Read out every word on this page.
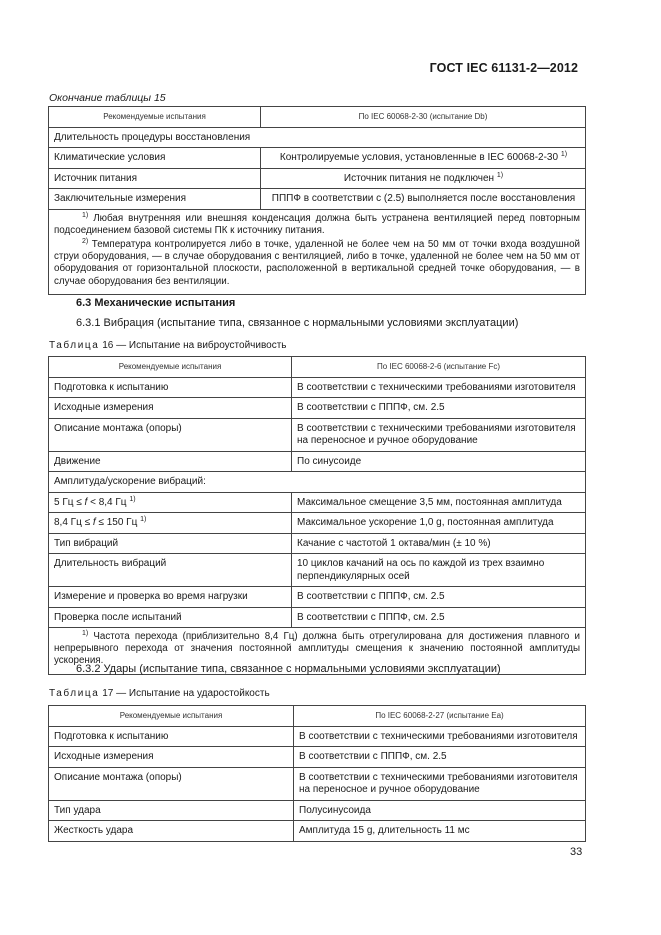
ГОСТ IEC 61131-2—2012
Окончание таблицы 15
Рекомендуемые испытания	По IEC 60068-2-30 (испытание Db)
Длительность процедуры восстановления	
Климатические условия	Контролируемые условия, установленные в IEC 60068-2-30 $^{1)}$
Источник питания	Источник питания не подключен $^{1)}$
Заключительные измерения	ПППФ в соответствии с (2.5) выполняется после восстановления

$^{1)}$ Любая внутренняя или внешняя конденсация должна быть устранена вентиляцией перед повторным подсоединением базовой системы ПК к источнику питания.

$^{2)}$ Температура контролируется либо в точке, удаленной не более чем на 50 мм от точки входа воздушной струи оборудования, — в случае оборудования с вентиляцией, либо в точке, удаленной не более чем на 50 мм от оборудования от горизонтальной плоскости, расположенной в вертикальной средней точке оборудования, — в случае оборудования без вентиляции.	

6.3 Механические испытания
6.3.1 Вибрация (испытание типа, связанное с нормальными условиями эксплуатации)
Таблица 16 — Испытание на виброустойчивость
Рекомендуемые испытания	По IEC 60068-2-6 (испытание Fc)
Подготовка к испытанию	В соответствии с техническими требованиями изготовителя
Исходные измерения	В соответствии с ПППФ, см. 2.5
Описание монтажа (опоры)	В соответствии с техническими требованиями изготовителя на переносное и ручное оборудование
Движение	По синусоиде
Амплитуда/ускорение вибраций:	
5 Гц ≤ f < 8,4 Гц $^{1)}$	Максимальное смещение 3,5 мм, постоянная амплитуда
8,4 Гц ≤ f ≤ 150 Гц $^{1)}$	Максимальное ускорение 1,0 g, постоянная амплитуда
Тип вибраций	Качание с частотой 1 октава/мин (± 10 %)
Длительность вибраций	10 циклов качаний на ось по каждой из трех взаимно перпендикулярных осей
Измерение и проверка во время нагрузки	В соответствии с ПППФ, см. 2.5
Проверка после испытаний	В соответствии с ПППФ, см. 2.5

$^{1)}$ Частота перехода (приблизительно 8,4 Гц) должна быть отрегулирована для достижения плавного и непрерывного перехода от значения постоянной амплитуды смещения к значению постоянной амплитуды ускорения.	

6.3.2 Удары (испытание типа, связанное с нормальными условиями эксплуатации)
Таблица 17 — Испытание на ударостойкость
Рекомендуемые испытания	По IEC 60068-2-27 (испытание Ea)
Подготовка к испытанию	В соответствии с техническими требованиями изготовителя
Исходные измерения	В соответствии с ПППФ, см. 2.5
Описание монтажа (опоры)	В соответствии с техническими требованиями изготовителя на переносное и ручное оборудование
Тип удара	Полусинусоида
Жесткость удара	Амплитуда 15 g, длительность 11 мс
33
